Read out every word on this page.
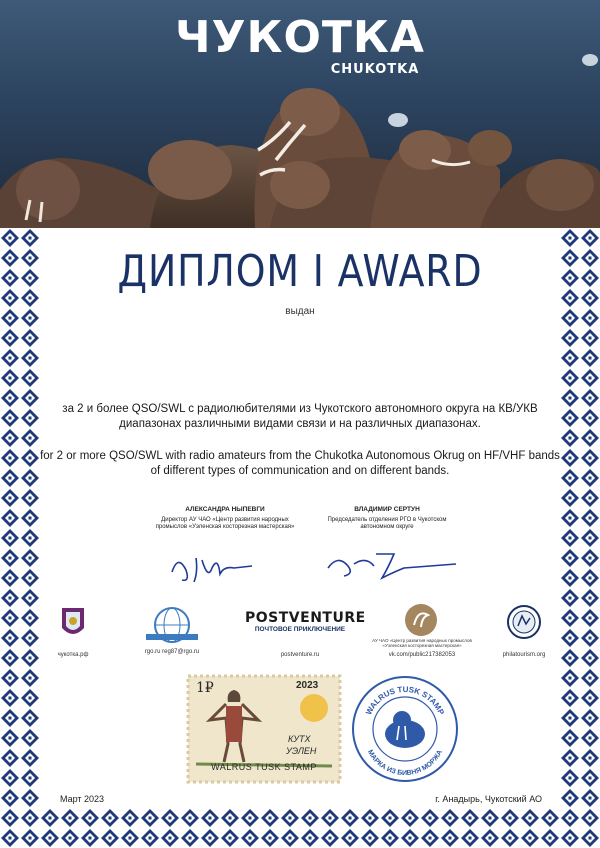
ЧУКОТКА
CHUKOTKA
ДИПЛОМ I AWARD
выдан
за 2 и более QSO/SWL с радиолюбителями из Чукотского автономного округа на КВ/УКВ диапазонах различными видами связи и на различных диапазонах.
for 2 or more QSO/SWL with radio amateurs from the Chukotka Autonomous Okrug on HF/VHF bands of different types of communication and on different bands.
АЛЕКСАНДРА НЫПЕВГИ
Директор АУ ЧАО «Центр развития народных промыслов «Уэленская косторезная мастерская»
ВЛАДИМИР СЕРТУН
Председатель отделения РГО в Чукотском автономном округе
чукотка.рф	rgo.ru reg87@rgo.ru
POSTVENTURE
ПОЧТОВОЕ ПРИКЛЮЧЕНИЕ
postventure.ru
АУ ЧАО «Центр развития народных промыслов «Уэленская косторезная мастерская»
vk.com/public217382053	philatourism.org
1₽	2023
КУТХ
УЭЛЕН
WALRUS TUSK STAMP
WALRUS TUSK STAMP
МАРКА ИЗ БИВНЯ МОРЖА
Март 2023	г. Анадырь, Чукотский АО
